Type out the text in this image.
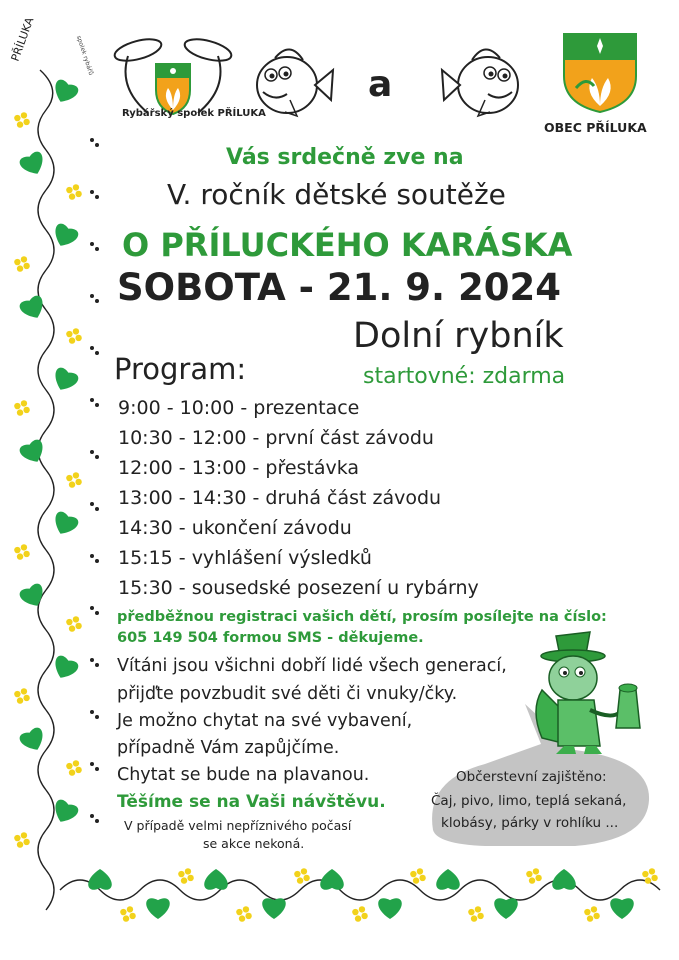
PŘÍLUKA
Rybářský spolek PŘÍLUKA
spolek rybářů
a
OBEC PŘÍLUKA
Vás srdečně zve na
V. ročník dětské soutěže
O PŘÍLUCKÉHO KARÁSKA
SOBOTA - 21. 9. 2024
Dolní rybník
Program:	startovné: zdarma
9:00 - 10:00 - prezentace
10:30 - 12:00 - první část závodu
12:00 - 13:00 - přestávka
13:00 - 14:30 - druhá část závodu
14:30 - ukončení závodu
15:15 - vyhlášení výsledků
15:30 - sousedské posezení u rybárny
předběžnou registraci vašich dětí, prosím posílejte na číslo:
605 149 504 formou SMS - děkujeme.
Vítáni jsou všichni dobří lidé všech generací,
přijďte povzbudit své děti či vnuky/čky.
Je možno chytat na své vybavení,
případně Vám zapůjčíme.
Chytat se bude na plavanou.
Těšíme se na Vaši návštěvu.
V případě velmi nepříznivého počasí
se akce nekoná.
Občerstevní zajištěno:
Čaj, pivo, limo, teplá sekaná,
klobásy, párky v rohlíku ...
